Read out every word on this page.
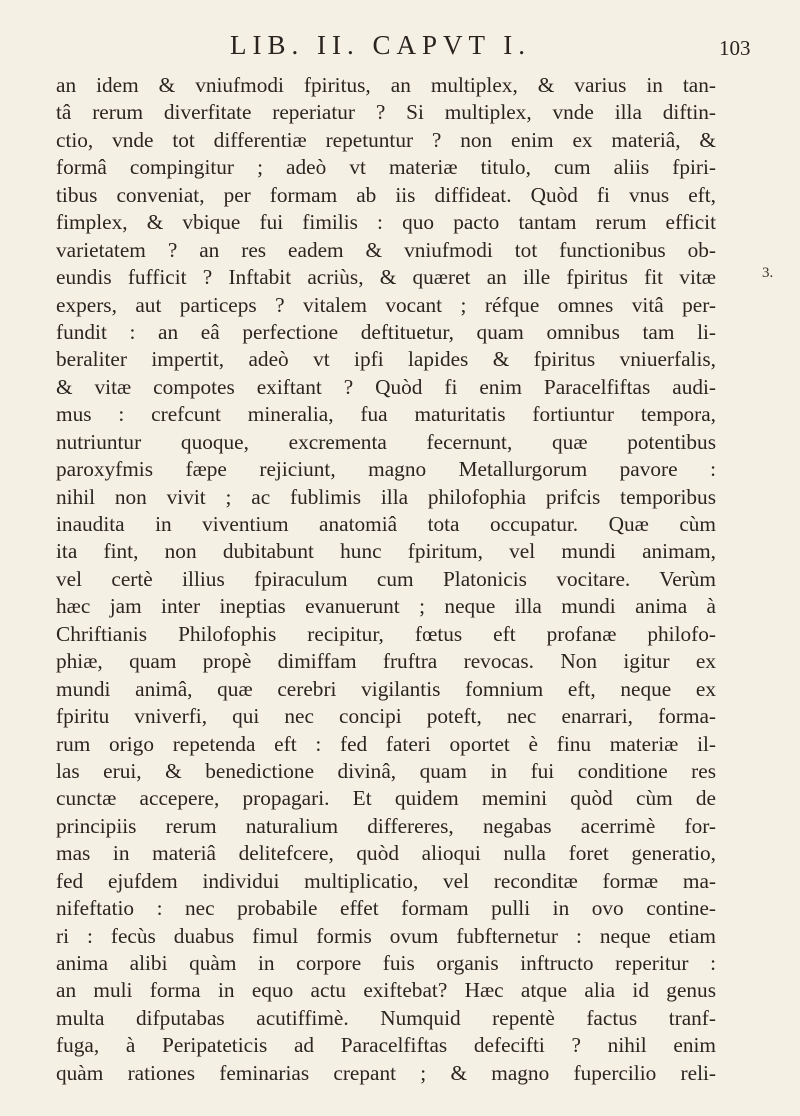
LIB. II. CAPVT I.	103
3.
an idem & vniufmodi fpiritus, an multiplex, & varius in tan-
tâ rerum diverfitate reperiatur ? Si multiplex, vnde illa diftin-
ctio, vnde tot differentiæ repetuntur ? non enim ex materiâ, &
formâ compingitur ; adeò vt materiæ titulo, cum aliis fpiri-
tibus conveniat, per formam ab iis diffideat. Quòd fi vnus eft,
fimplex, & vbique fui fimilis : quo pacto tantam rerum efficit
varietatem ? an res eadem & vniufmodi tot functionibus ob-
eundis fufficit ? Inftabit acriùs, & quæret an ille fpiritus fit vitæ
expers, aut particeps ? vitalem vocant ; réfque omnes vitâ per-
fundit : an eâ perfectione deftituetur, quam omnibus tam li-
beraliter impertit, adeò vt ipfi lapides & fpiritus vniuerfalis,
& vitæ compotes exiftant ? Quòd fi enim Paracelfiftas audi-
mus : crefcunt mineralia, fua maturitatis fortiuntur tempora,
nutriuntur quoque, excrementa fecernunt, quæ potentibus
paroxyfmis fæpe rejiciunt, magno Metallurgorum pavore :
nihil non vivit ; ac fublimis illa philofophia prifcis temporibus
inaudita in viventium anatomiâ tota occupatur. Quæ cùm
ita fint, non dubitabunt hunc fpiritum, vel mundi animam,
vel certè illius fpiraculum cum Platonicis vocitare. Verùm
hæc jam inter ineptias evanuerunt ; neque illa mundi anima à
Chriftianis Philofophis recipitur, fœtus eft profanæ philofo-
phiæ, quam propè dimiffam fruftra revocas. Non igitur ex
mundi animâ, quæ cerebri vigilantis fomnium eft, neque ex
fpiritu vniverfi, qui nec concipi poteft, nec enarrari, forma-
rum origo repetenda eft : fed fateri oportet è finu materiæ il-
las erui, & benedictione divinâ, quam in fui conditione res
cunctæ accepere, propagari. Et quidem memini quòd cùm de
principiis rerum naturalium differeres, negabas acerrimè for-
mas in materiâ delitefcere, quòd alioqui nulla foret generatio,
fed ejufdem individui multiplicatio, vel reconditæ formæ ma-
nifeftatio : nec probabile effet formam pulli in ovo contine-
ri : fecùs duabus fimul formis ovum fubfternetur : neque etiam
anima alibi quàm in corpore fuis organis inftructo reperitur :
an muli forma in equo actu exiftebat? Hæc atque alia id genus
multa difputabas acutiffimè. Numquid repentè factus tranf-
fuga, à Peripateticis ad Paracelfiftas defecifti ? nihil enim
quàm rationes feminarias crepant ; & magno fupercilio reli-
